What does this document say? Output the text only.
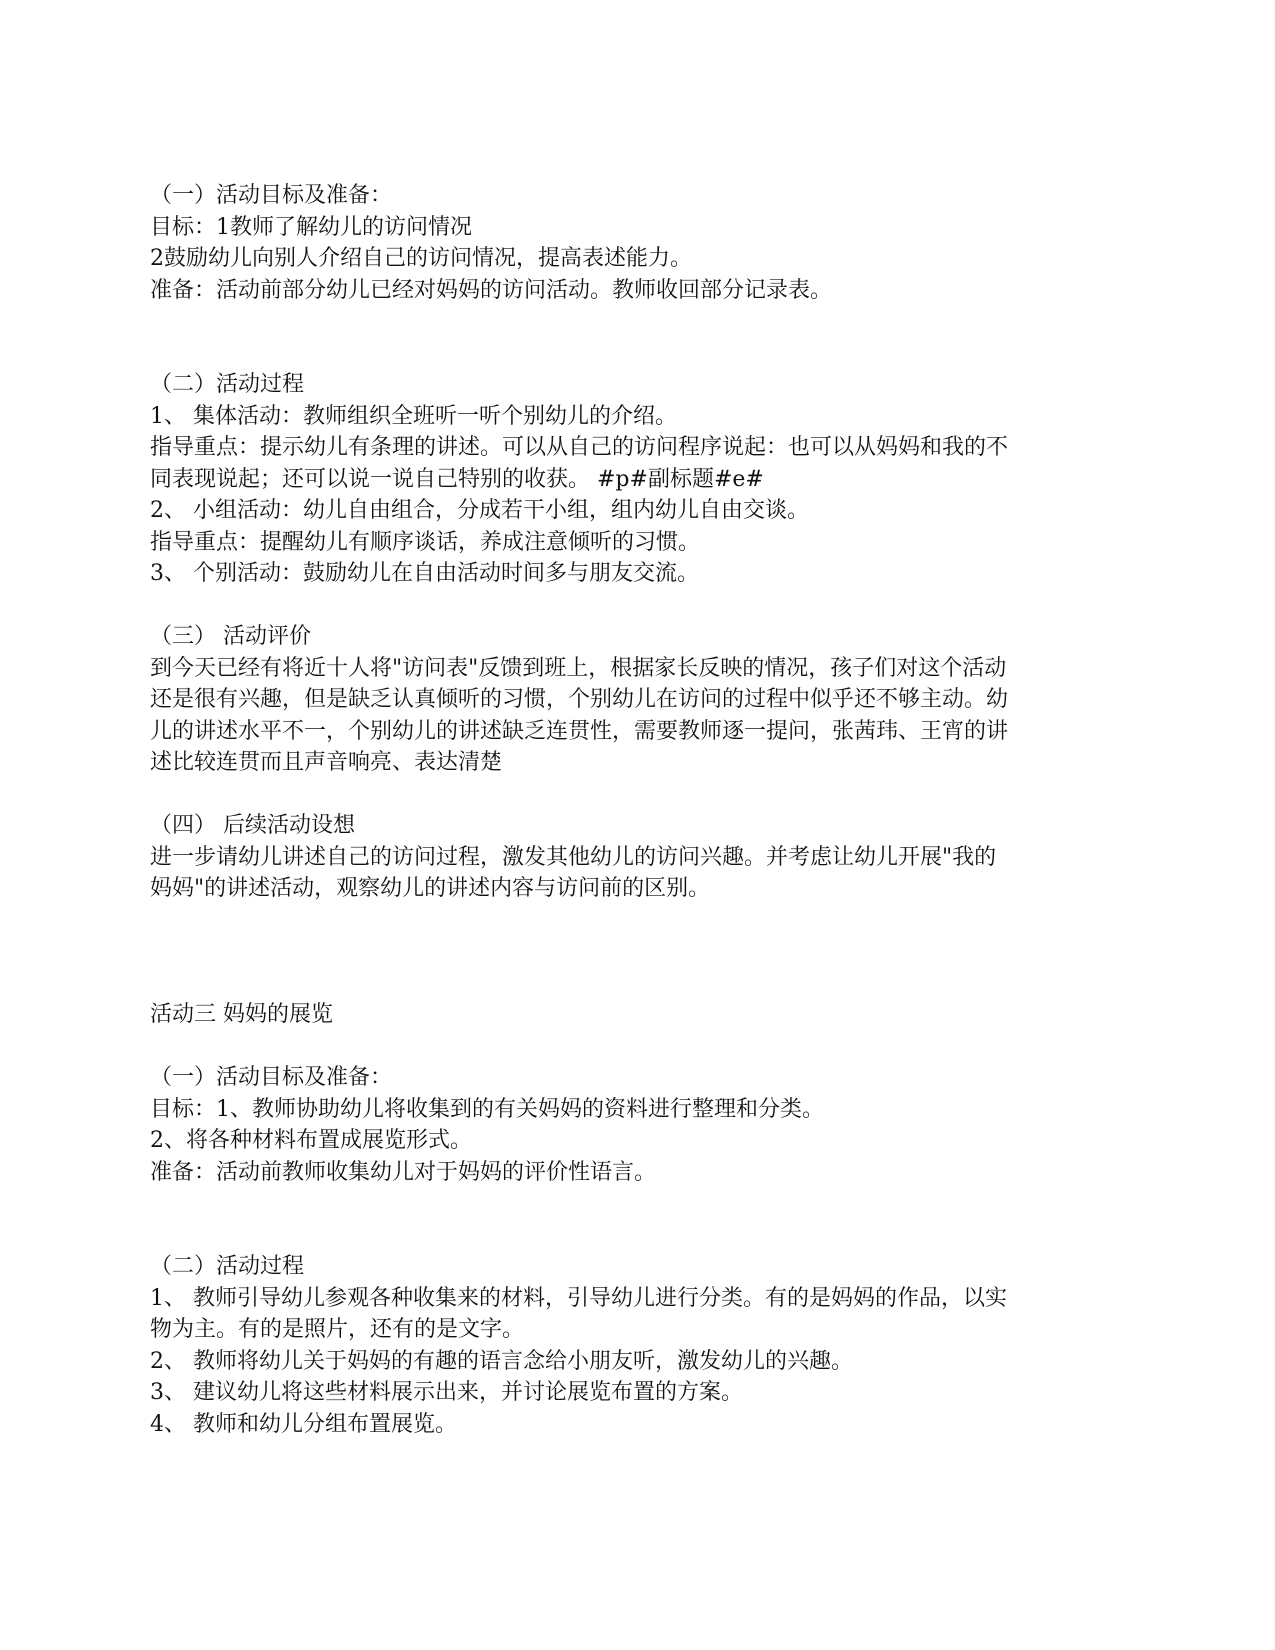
（一）活动目标及准备：
目标：1教师了解幼儿的访问情况
2鼓励幼儿向别人介绍自己的访问情况，提高表述能力。
准备：活动前部分幼儿已经对妈妈的访问活动。教师收回部分记录表。
（二）活动过程
1、 集体活动：教师组织全班听一听个别幼儿的介绍。
指导重点：提示幼儿有条理的讲述。可以从自己的访问程序说起：也可以从妈妈和我的不
同表现说起；还可以说一说自己特别的收获。 #p#副标题#e#
2、 小组活动：幼儿自由组合，分成若干小组，组内幼儿自由交谈。
指导重点：提醒幼儿有顺序谈话，养成注意倾听的习惯。
3、 个别活动：鼓励幼儿在自由活动时间多与朋友交流。
（三） 活动评价
到今天已经有将近十人将"访问表"反馈到班上，根据家长反映的情况，孩子们对这个活动
还是很有兴趣，但是缺乏认真倾听的习惯，个别幼儿在访问的过程中似乎还不够主动。幼
儿的讲述水平不一，个别幼儿的讲述缺乏连贯性，需要教师逐一提问，张茜玮、王宵的讲
述比较连贯而且声音响亮、表达清楚
（四） 后续活动设想
进一步请幼儿讲述自己的访问过程，激发其他幼儿的访问兴趣。并考虑让幼儿开展"我的
妈妈"的讲述活动，观察幼儿的讲述内容与访问前的区别。
活动三 妈妈的展览
（一）活动目标及准备：
目标：1、教师协助幼儿将收集到的有关妈妈的资料进行整理和分类。
2、将各种材料布置成展览形式。
准备：活动前教师收集幼儿对于妈妈的评价性语言。
（二）活动过程
1、 教师引导幼儿参观各种收集来的材料，引导幼儿进行分类。有的是妈妈的作品，以实
物为主。有的是照片，还有的是文字。
2、 教师将幼儿关于妈妈的有趣的语言念给小朋友听，激发幼儿的兴趣。
3、 建议幼儿将这些材料展示出来，并讨论展览布置的方案。
4、 教师和幼儿分组布置展览。
